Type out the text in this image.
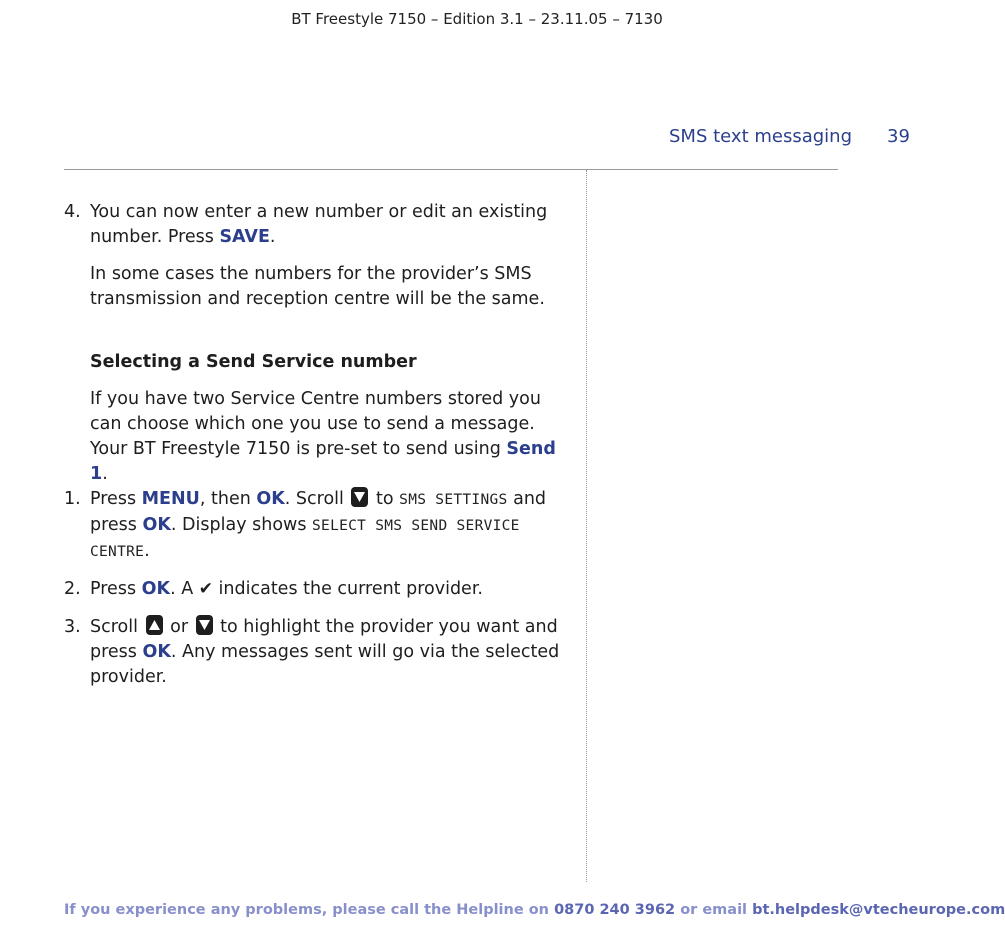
BT Freestyle 7150 – Edition 3.1 – 23.11.05 – 7130
SMS text messaging 39

4. You can now enter a new number or edit an existing number. Press SAVE.

In some cases the numbers for the provider’s SMS transmission and reception centre will be the same.

Selecting a Send Service number

If you have two Service Centre numbers stored you can choose which one you use to send a message.
Your BT Freestyle 7150 is pre-set to send using Send 1.

1. Press MENU, then OK. Scroll
to SMS SETTINGS and press OK. Display shows SELECT SMS SEND SERVICE CENTRE.

2. Press OK. A ✔ indicates the current provider.

3. Scroll
or
to highlight the provider you want and press OK. Any messages sent will go via the selected provider.

If you experience any problems, please call the Helpline on 0870 240 3962 or email bt.helpdesk@vtecheurope.com
